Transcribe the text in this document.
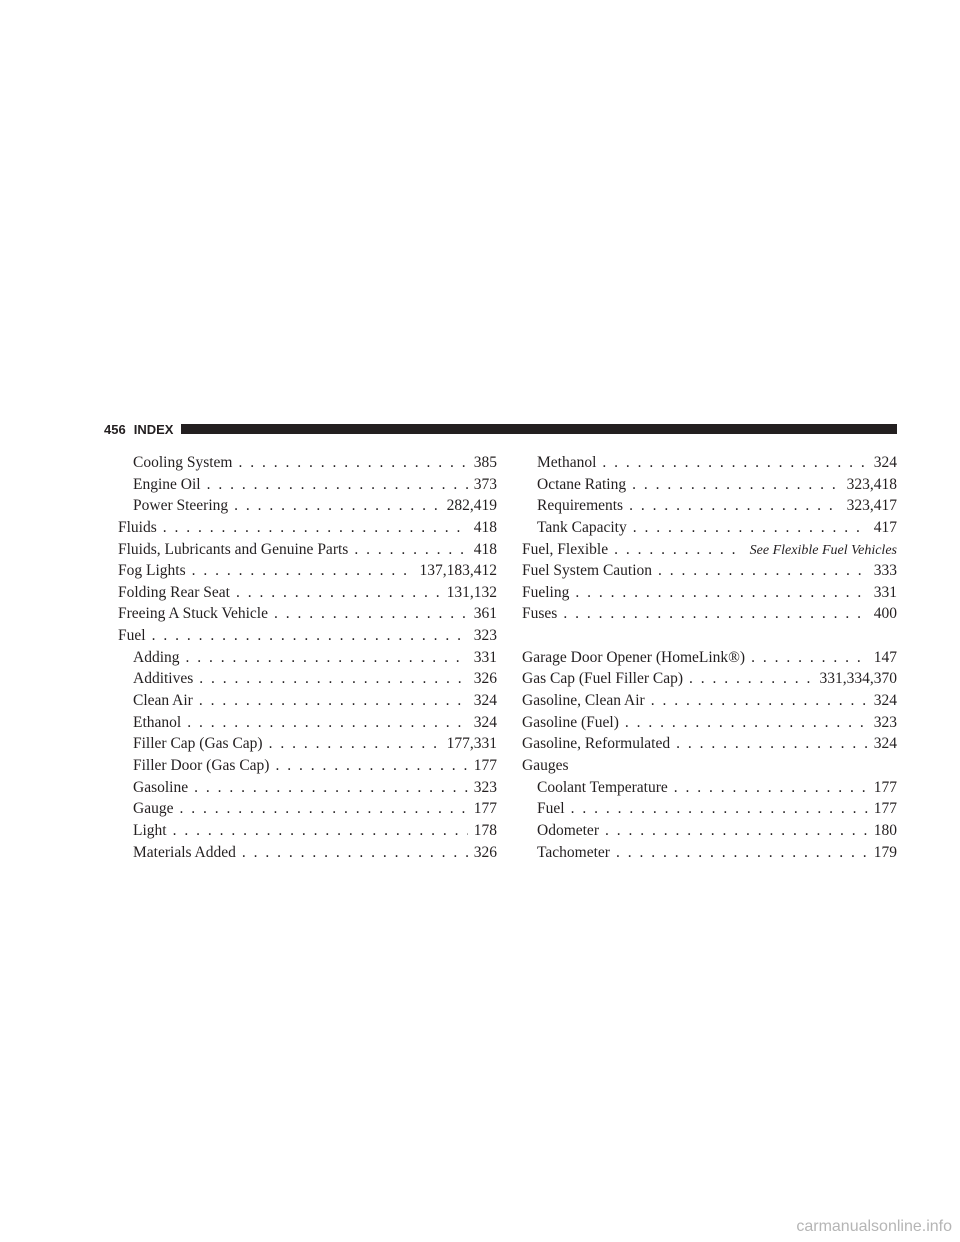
456 INDEX
Cooling System . . .	385
Engine Oil . . .	373
Power Steering . . .	282,419
Fluids . . .	418
Fluids, Lubricants and Genuine Parts . . .	418
Fog Lights . . .	137,183,412
Folding Rear Seat . . .	131,132
Freeing A Stuck Vehicle . . .	361
Fuel . . .	323
Adding . . .	331
Additives . . .	326
Clean Air . . .	324
Ethanol . . .	324
Filler Cap (Gas Cap) . . .	177,331
Filler Door (Gas Cap) . . .	177
Gasoline . . .	323
Gauge . . .	177
Light . . .	178
Materials Added . . .	326
Methanol . . .	324
Octane Rating . . .	323,418
Requirements . . .	323,417
Tank Capacity . . .	417
Fuel, Flexible . . .	See Flexible Fuel Vehicles
Fuel System Caution . . .	333
Fueling . . .	331
Fuses . . .	400
Garage Door Opener (HomeLink®) . . .	147
Gas Cap (Fuel Filler Cap) . . .	331,334,370
Gasoline, Clean Air . . .	324
Gasoline (Fuel) . . .	323
Gasoline, Reformulated . . .	324
Gauges
Coolant Temperature . . .	177
Fuel . . .	177
Odometer . . .	180
Tachometer . . .	179
carmanualsonline.info
